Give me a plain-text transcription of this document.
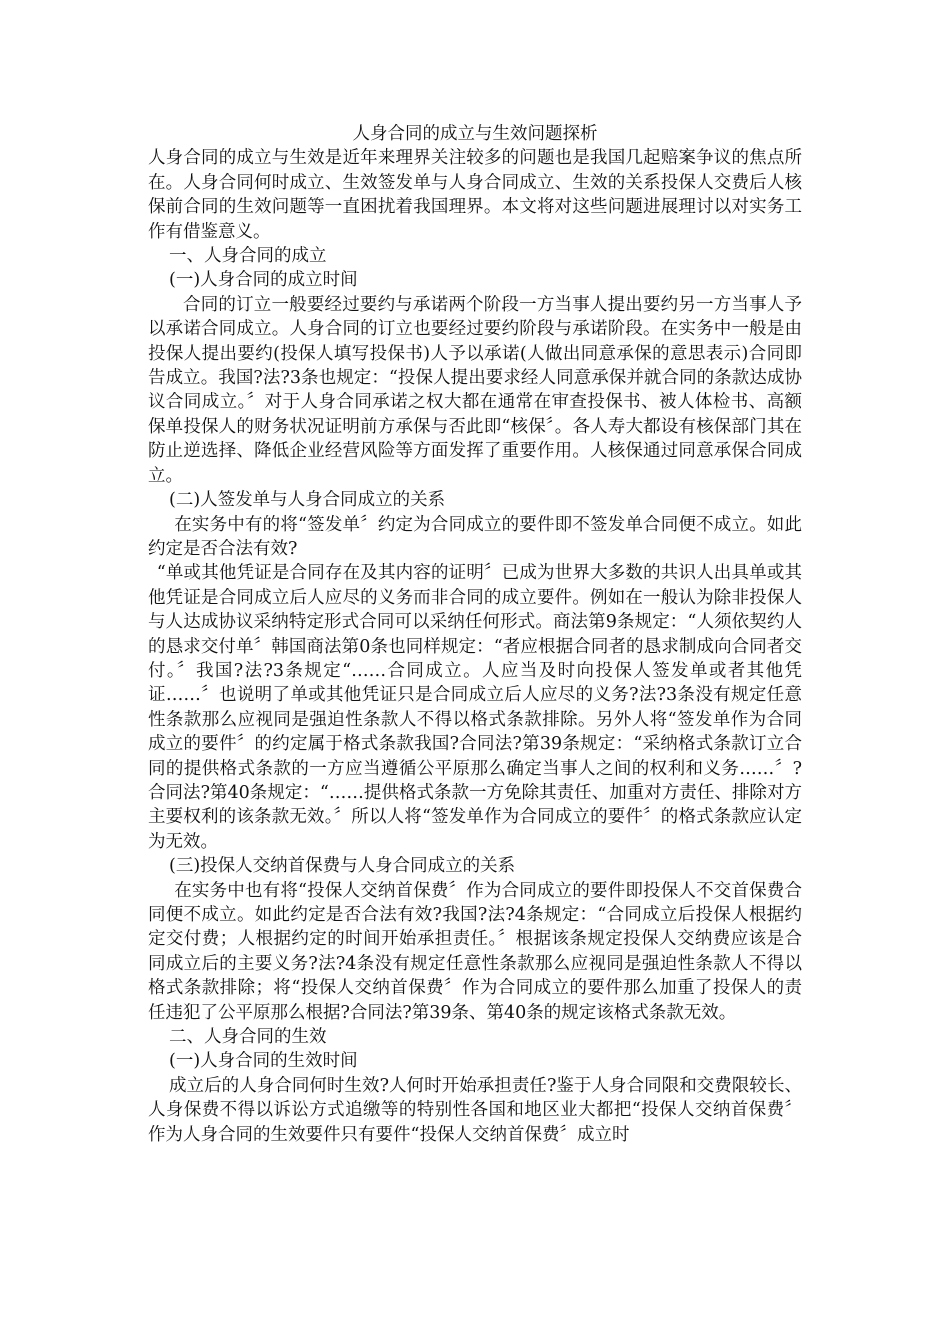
人身合同的成立与生效问题探析

人身合同的成立与生效是近年来理界关注较多的问题也是我国几起赔案争议的焦点所在。人身合同何时成立、生效签发单与人身合同成立、生效的关系投保人交费后人核保前合同的生效问题等一直困扰着我国理界。本文将对这些问题进展理讨以对实务工作有借鉴意义。

一、人身合同的成立

(一)人身合同的成立时间

合同的订立一般要经过要约与承诺两个阶段一方当事人提出要约另一方当事人予以承诺合同成立。人身合同的订立也要经过要约阶段与承诺阶段。在实务中一般是由投保人提出要约(投保人填写投保书)人予以承诺(人做出同意承保的意思表示)合同即告成立。我国?法?3条也规定：“投保人提出要求经人同意承保并就合同的条款达成协议合同成立。〞对于人身合同承诺之权大都在通常在审查投保书、被人体检书、高额保单投保人的财务状况证明前方承保与否此即“核保〞。各人寿大都设有核保部门其在防止逆选择、降低企业经营风险等方面发挥了重要作用。人核保通过同意承保合同成立。

(二)人签发单与人身合同成立的关系

在实务中有的将“签发单〞约定为合同成立的要件即不签发单合同便不成立。如此约定是否合法有效?

“单或其他凭证是合同存在及其内容的证明〞已成为世界大多数的共识人出具单或其他凭证是合同成立后人应尽的义务而非合同的成立要件。例如在一般认为除非投保人与人达成协议采纳特定形式合同可以采纳任何形式。商法第9条规定：“人须依契约人的恳求交付单〞韩国商法第0条也同样规定：“者应根据合同者的恳求制成向合同者交付。〞我国?法?3条规定“……合同成立。人应当及时向投保人签发单或者其他凭证……〞也说明了单或其他凭证只是合同成立后人应尽的义务?法?3条没有规定任意性条款那么应视同是强迫性条款人不得以格式条款排除。另外人将“签发单作为合同成立的要件〞的约定属于格式条款我国?合同法?第39条规定：“采纳格式条款订立合同的提供格式条款的一方应当遵循公平原那么确定当事人之间的权利和义务……〞?合同法?第40条规定：“……提供格式条款一方免除其责任、加重对方责任、排除对方主要权利的该条款无效。〞所以人将“签发单作为合同成立的要件〞的格式条款应认定为无效。

(三)投保人交纳首保费与人身合同成立的关系

在实务中也有将“投保人交纳首保费〞作为合同成立的要件即投保人不交首保费合同便不成立。如此约定是否合法有效?我国?法?4条规定：“合同成立后投保人根据约定交付费；人根据约定的时间开始承担责任。〞根据该条规定投保人交纳费应该是合同成立后的主要义务?法?4条没有规定任意性条款那么应视同是强迫性条款人不得以格式条款排除；将“投保人交纳首保费〞作为合同成立的要件那么加重了投保人的责任违犯了公平原那么根据?合同法?第39条、第40条的规定该格式条款无效。

二、人身合同的生效

(一)人身合同的生效时间

成立后的人身合同何时生效?人何时开始承担责任?鉴于人身合同限和交费限较长、人身保费不得以诉讼方式追缴等的特别性各国和地区业大都把“投保人交纳首保费〞作为人身合同的生效要件只有要件“投保人交纳首保费〞成立时
